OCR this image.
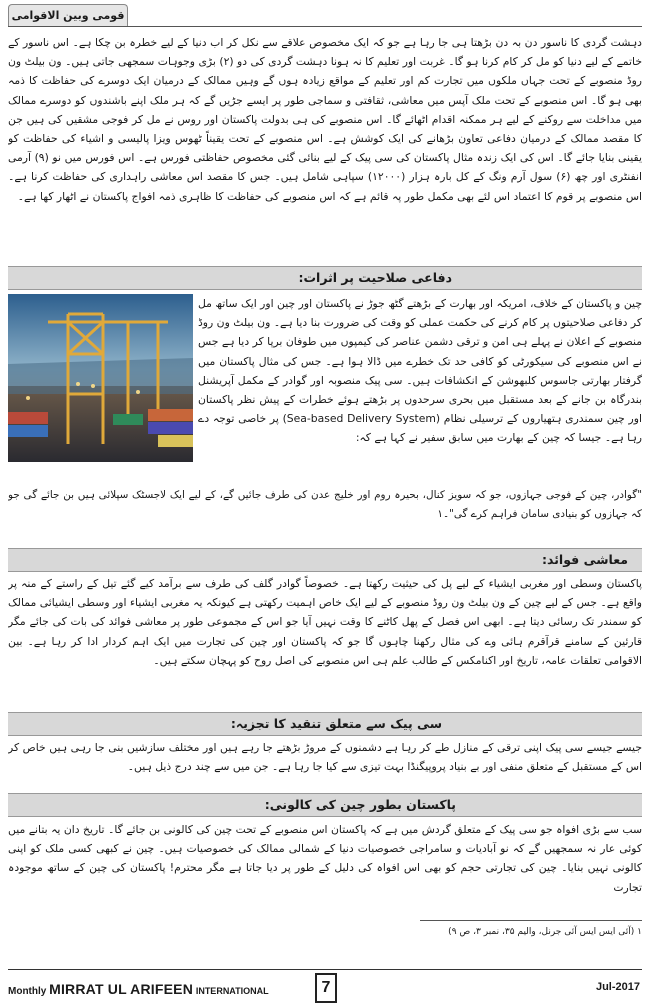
قومی وبین الاقوامی

دہشت گردی کا ناسور دن بہ دن بڑھتا ہی جا رہا ہے جو کہ ایک مخصوص علاقے سے نکل کر اب دنیا کے لیے خطرہ بن چکا ہے۔ اس ناسور کے خاتمے کے لیے دنیا کو مل کر کام کرنا ہو گا۔ غربت اور تعلیم کا نہ ہونا دہشت گردی کی دو (۲) بڑی وجوہات سمجھی جاتی ہیں۔ ون بیلٹ ون روڈ منصوبے کے تحت جہاں ملکوں میں تجارت کم اور تعلیم کے مواقع زیادہ ہوں گے وہیں ممالک کے درمیان ایک دوسرے کی حفاظت کا ذمہ بھی ہو گا۔ اس منصوبے کے تحت ملک آپس میں معاشی، ثقافتی و سماجی طور پر ایسے جڑیں گے کہ ہر ملک اپنے باشندوں کو دوسرے ممالک میں مداخلت سے روکنے کے لیے ہر ممکنہ اقدام اٹھائے گا۔ اس منصوبے کی ہی بدولت پاکستان اور روس نے مل کر فوجی مشقیں کی ہیں جن کا مقصد ممالک کے درمیان دفاعی تعاون بڑھانے کی ایک کوشش ہے۔ اس منصوبے کے تحت یقیناً ٹھوس ویزا پالیسی و اشیاء کی حفاظت کو یقینی بنایا جائے گا۔ اس کی ایک زندہ مثال پاکستان کی سی پیک کے لیے بنائی گئی مخصوص حفاظتی فورس ہے۔ اس فورس میں نو (۹) آرمی انفنٹری اور چھ (۶) سول آرم ونگ کے کل بارہ ہزار (۱۲۰۰۰) سپاہی شامل ہیں۔ جس کا مقصد اس معاشی راہداری کی حفاظت کرنا ہے۔ اس منصوبے پر قوم کا اعتماد اس لئے بھی مکمل طور پہ قائم ہے کہ اس منصوبے کی حفاظت کا ظاہری ذمہ افواج پاکستان نے اٹھار کھا ہے۔

دفاعی صلاحیت پر اثرات:

چین و پاکستان کے خلاف، امریکہ اور بھارت کے بڑھتے گٹھ جوڑ نے پاکستان اور چین اور ایک ساتھ مل کر دفاعی صلاحیتوں پر کام کرنے کی حکمت عملی کو وقت کی ضرورت بنا دیا ہے۔ ون بیلٹ ون روڈ منصوبے کے اعلان نے پہلے ہی امن و ترقی دشمن عناصر کی کیمپوں میں طوفان برپا کر دیا ہے جس نے اس منصوبے کی سیکورٹی کو کافی حد تک خطرے میں ڈالا ہوا ہے۔ جس کی مثال پاکستان میں گرفتار بھارتی جاسوس کلبھوشن کے انکشافات ہیں۔ سی پیک منصوبہ اور گوادر کے مکمل آپریشنل بندرگاہ بن جانے کے بعد مستقبل میں بحری سرحدوں پر بڑھتے ہوئے خطرات کے پیش نظر پاکستان اور چین سمندری ہتھیاروں کے ترسیلی نظام (Sea-based Delivery System) پر خاصی توجہ دے رہا ہے۔ جیسا کہ چین کے بھارت میں سابق سفیر نے کہا ہے کہ:

"گوادر، چین کے فوجی جہازوں، جو کہ سویز کنال، بحیرہ روم اور خلیج عدن کی طرف جائیں گے، کے لیے ایک لاجسٹک سپلائی ہیں بن جائے گی جو کہ جہازوں کو بنیادی سامان فراہم کرے گی"۔۱

معاشی فوائد:

پاکستان وسطی اور مغربی ایشیاء کے لیے پل کی حیثیت رکھتا ہے۔ خصوصاً گوادر گلف کی طرف سے برآمد کیے گئے تیل کے راستے کے منہ پر واقع ہے۔ جس کے لیے چین کے ون بیلٹ ون روڈ منصوبے کے لیے ایک خاص اہمیت رکھتی ہے کیونکہ یہ مغربی ایشیاء اور وسطی ایشیائی ممالک کو سمندر تک رسائی دیتا ہے۔ ابھی اس فصل کے پھل کاٹنے کا وقت نہیں آیا جو اس کے مجموعی طور پر معاشی فوائد کی بات کی جائے مگر قارئین کے سامنے قرآقرم ہائی وے کی مثال رکھنا چاہوں گا جو کہ پاکستان اور چین کی تجارت میں ایک اہم کردار ادا کر رہا ہے۔ بین الاقوامی تعلقات عامہ، تاریخ اور اکنامکس کے طالب علم ہی اس منصوبے کی اصل روح کو پہچان سکتے ہیں۔

سی پیک سے متعلق تنقید کا تجزیہ:

جیسے جیسے سی پیک اپنی ترقی کے منازل طے کر رہا ہے دشمنوں کے مروڑ بڑھتے جا رہے ہیں اور مختلف سازشیں بنی جا رہی ہیں خاص کر اس کے مستقبل کے متعلق منفی اور بے بنیاد پروپیگنڈا بہت تیزی سے کیا جا رہا ہے۔ جن میں سے چند درج ذیل ہیں۔

پاکستان بطور چین کی کالونی:

سب سے بڑی افواہ جو سی پیک کے متعلق گردش میں ہے کہ پاکستان اس منصوبے کے تحت چین کی کالونی بن جائے گا۔ تاریخ دان یہ بتانے میں کوئی عار نہ سمجھیں گے کہ نو آبادیات و سامراجی خصوصیات دنیا کے شمالی ممالک کی خصوصیات ہیں۔ چین نے کبھی کسی ملک کو اپنی کالونی نہیں بنایا۔ چین کی تجارتی حجم کو بھی اس افواہ کی دلیل کے طور پر دیا جاتا ہے مگر محترم! پاکستان کی چین کے ساتھ موجودہ تجارت

۱ (آئی ایس ایس آئی جرنل، والیم ۳۵، نمبر ۳، ص ۹)
Monthly MIRRAT UL ARIFEEN INTERNATIONAL	7	Jul-2017
